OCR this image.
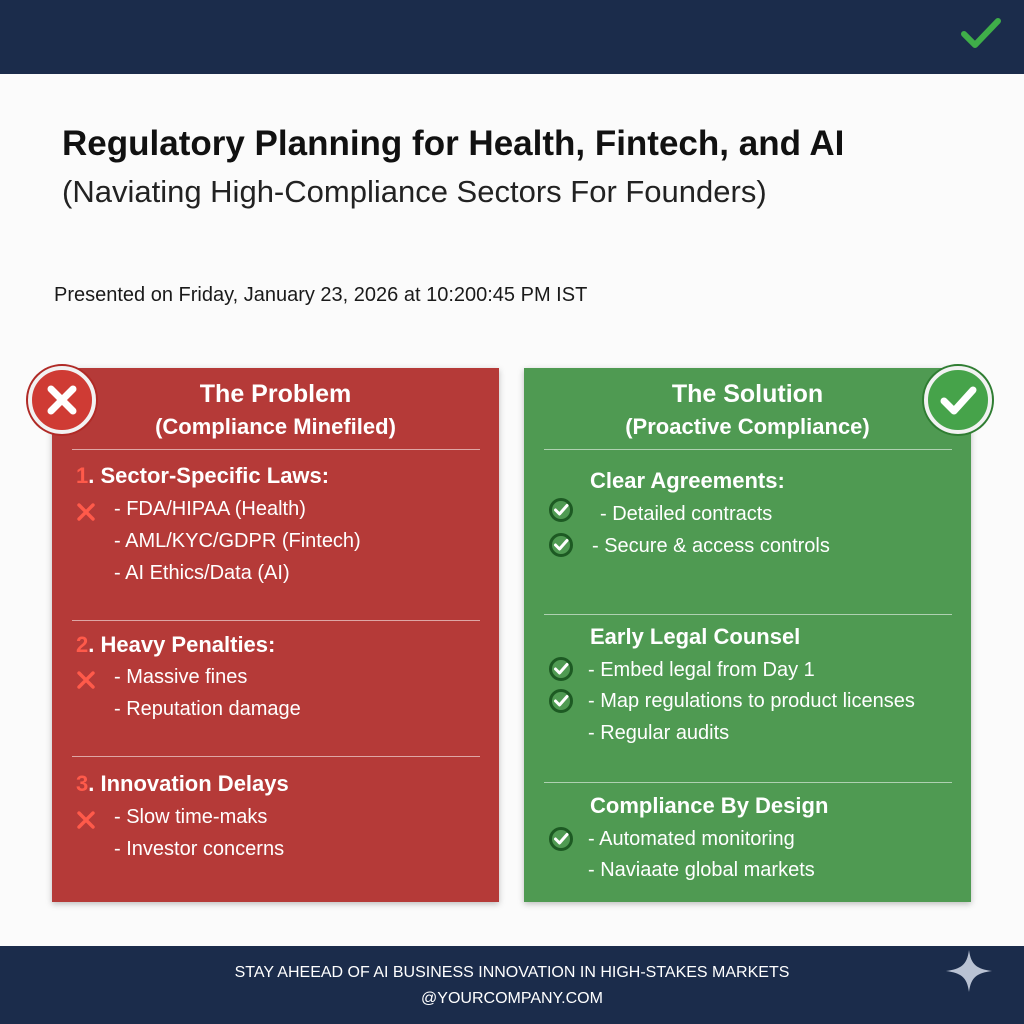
Regulatory Planning for Health, Fintech, and AI
(Naviating High-Compliance Sectors For Founders)
Presented on Friday, January 23, 2026 at 10:200:45 PM IST
The Problem
(Compliance Minefiled)
1. Sector-Specific Laws:
- FDA/HIPAA (Health)
- AML/KYC/GDPR (Fintech)
- AI Ethics/Data (AI)
2. Heavy Penalties:
- Massive fines
- Reputation damage
3. Innovation Delays
- Slow time-maks
- Investor concerns
The Solution
(Proactive Compliance)
Clear Agreements:
- Detailed contracts
- Secure & access controls
Early Legal Counsel
- Embed legal from Day 1
- Map regulations to product licenses
- Regular audits
Compliance By Design
- Automated monitoring
- Naviaate global markets
STAY AHEEAD OF AI BUSINESS INNOVATION IN HIGH-STAKES MARKETS
@YOURCOMPANY.COM
